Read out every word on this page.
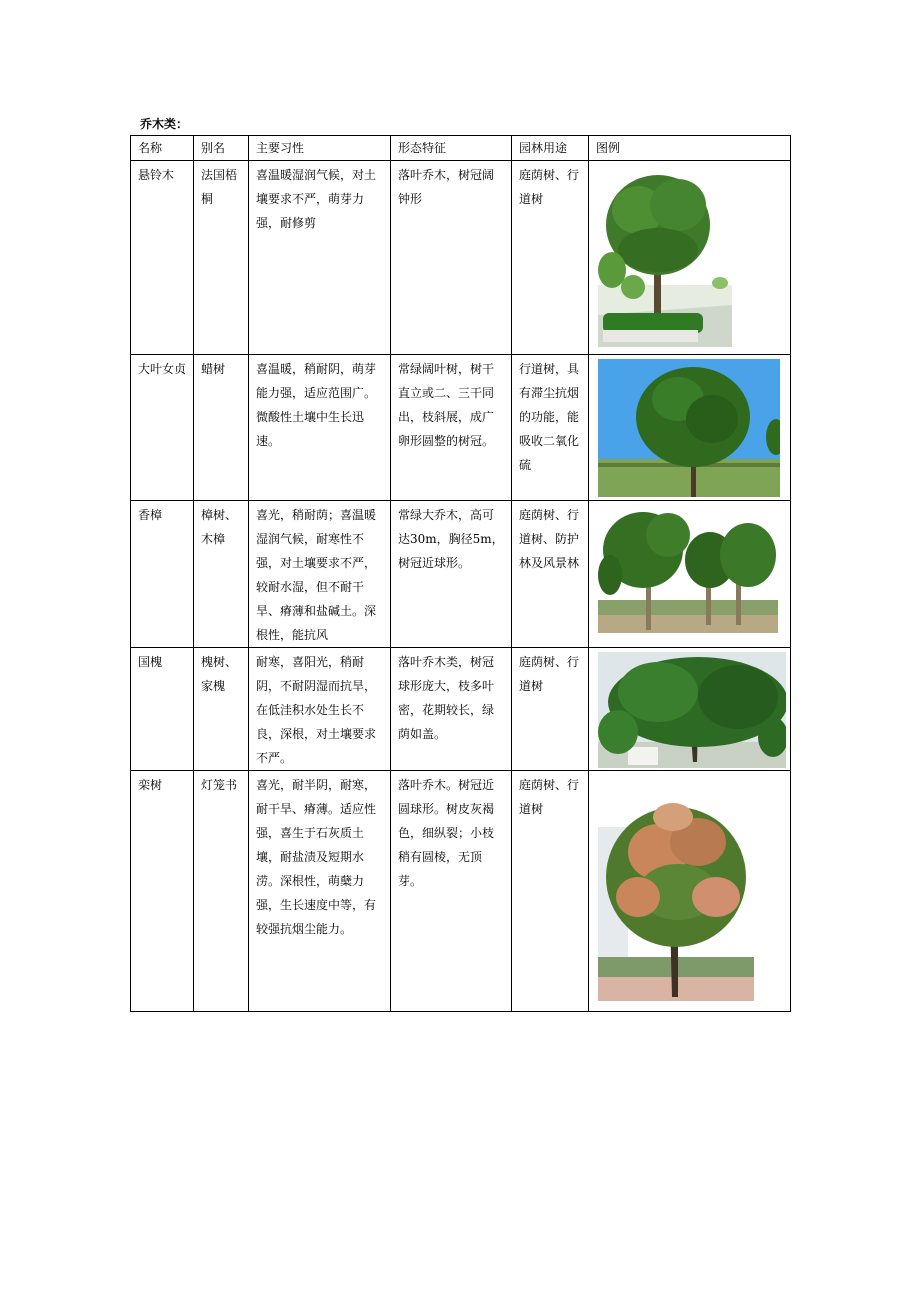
乔木类：
名称	别名	主要习性	形态特征	园林用途	图例

悬铃木	法国梧桐	喜温暖湿润气候，对土壤要求不严，萌芽力强，耐修剪	落叶乔木，树冠阔钟形	庭荫树、行道树

大叶女贞	蜡树	喜温暖，稍耐阴，萌芽能力强，适应范围广。微酸性土壤中生长迅速。	常绿阔叶树，树干直立或二、三干同出，枝斜展，成广卵形圆整的树冠。	行道树，具有滞尘抗烟的功能，能吸收二氧化硫

香樟	樟树、木樟	喜光，稍耐荫；喜温暖湿润气候，耐寒性不强，对土壤要求不严，较耐水湿，但不耐干旱、瘠薄和盐碱土。深根性，能抗风	常绿大乔木，高可达30m，胸径5m，树冠近球形。	庭荫树、行道树、防护林及风景林

国槐	槐树、家槐	耐寒，喜阳光，稍耐阴，不耐阴湿而抗旱，在低洼积水处生长不良，深根，对土壤要求不严。	落叶乔木类，树冠球形庞大，枝多叶密，花期较长，绿荫如盖。	庭荫树、行道树

栾树	灯笼书	喜光，耐半阴，耐寒，耐干旱、瘠薄。适应性强，喜生于石灰质土壤，耐盐渍及短期水涝。深根性，萌蘖力强，生长速度中等，有较强抗烟尘能力。	落叶乔木。树冠近圆球形。树皮灰褐色，细纵裂；小枝稍有圆棱，无顶芽。	庭荫树、行道树
